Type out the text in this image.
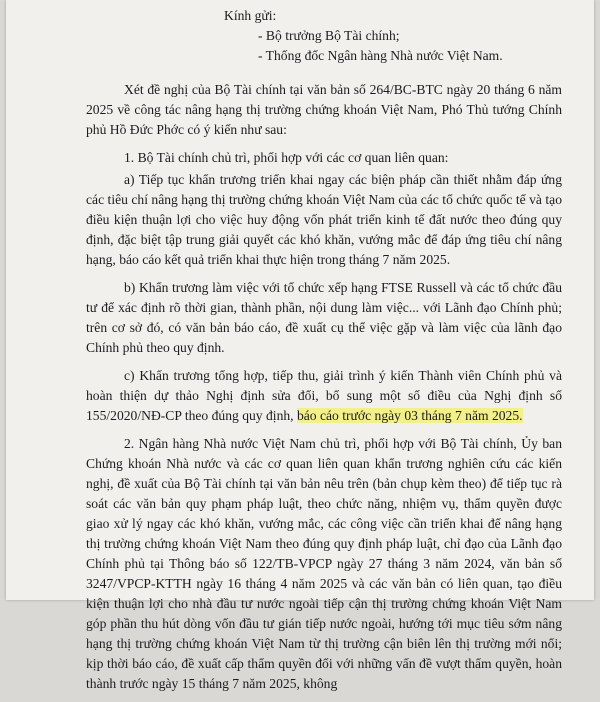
Kính gửi:
- Bộ trưởng Bộ Tài chính;
- Thống đốc Ngân hàng Nhà nước Việt Nam.

Xét đề nghị của Bộ Tài chính tại văn bản số 264/BC-BTC ngày 20 tháng 6 năm 2025 về công tác nâng hạng thị trường chứng khoán Việt Nam, Phó Thủ tướng Chính phủ Hồ Đức Phớc có ý kiến như sau:

1. Bộ Tài chính chủ trì, phối hợp với các cơ quan liên quan:

a) Tiếp tục khẩn trương triển khai ngay các biện pháp cần thiết nhằm đáp ứng các tiêu chí nâng hạng thị trường chứng khoán Việt Nam của các tổ chức quốc tế và tạo điều kiện thuận lợi cho việc huy động vốn phát triển kinh tế đất nước theo đúng quy định, đặc biệt tập trung giải quyết các khó khăn, vướng mắc để đáp ứng tiêu chí nâng hạng, báo cáo kết quả triển khai thực hiện trong tháng 7 năm 2025.

b) Khẩn trương làm việc với tổ chức xếp hạng FTSE Russell và các tổ chức đầu tư để xác định rõ thời gian, thành phần, nội dung làm việc... với Lãnh đạo Chính phủ; trên cơ sở đó, có văn bản báo cáo, đề xuất cụ thể việc gặp và làm việc của lãnh đạo Chính phủ theo quy định.

c) Khẩn trương tổng hợp, tiếp thu, giải trình ý kiến Thành viên Chính phủ và hoàn thiện dự thảo Nghị định sửa đổi, bổ sung một số điều của Nghị định số 155/2020/NĐ-CP theo đúng quy định, báo cáo trước ngày 03 tháng 7 năm 2025.

2. Ngân hàng Nhà nước Việt Nam chủ trì, phối hợp với Bộ Tài chính, Ủy ban Chứng khoán Nhà nước và các cơ quan liên quan khẩn trương nghiên cứu các kiến nghị, đề xuất của Bộ Tài chính tại văn bản nêu trên (bản chụp kèm theo) để tiếp tục rà soát các văn bản quy phạm pháp luật, theo chức năng, nhiệm vụ, thẩm quyền được giao xử lý ngay các khó khăn, vướng mắc, các công việc cần triển khai để nâng hạng thị trường chứng khoán Việt Nam theo đúng quy định pháp luật, chỉ đạo của Lãnh đạo Chính phủ tại Thông báo số 122/TB-VPCP ngày 27 tháng 3 năm 2024, văn bản số 3247/VPCP-KTTH ngày 16 tháng 4 năm 2025 và các văn bản có liên quan, tạo điều kiện thuận lợi cho nhà đầu tư nước ngoài tiếp cận thị trường chứng khoán Việt Nam góp phần thu hút dòng vốn đầu tư gián tiếp nước ngoài, hướng tới mục tiêu sớm nâng hạng thị trường chứng khoán Việt Nam từ thị trường cận biên lên thị trường mới nổi; kịp thời báo cáo, đề xuất cấp thẩm quyền đối với những vấn đề vượt thẩm quyền, hoàn thành trước ngày 15 tháng 7 năm 2025, không
